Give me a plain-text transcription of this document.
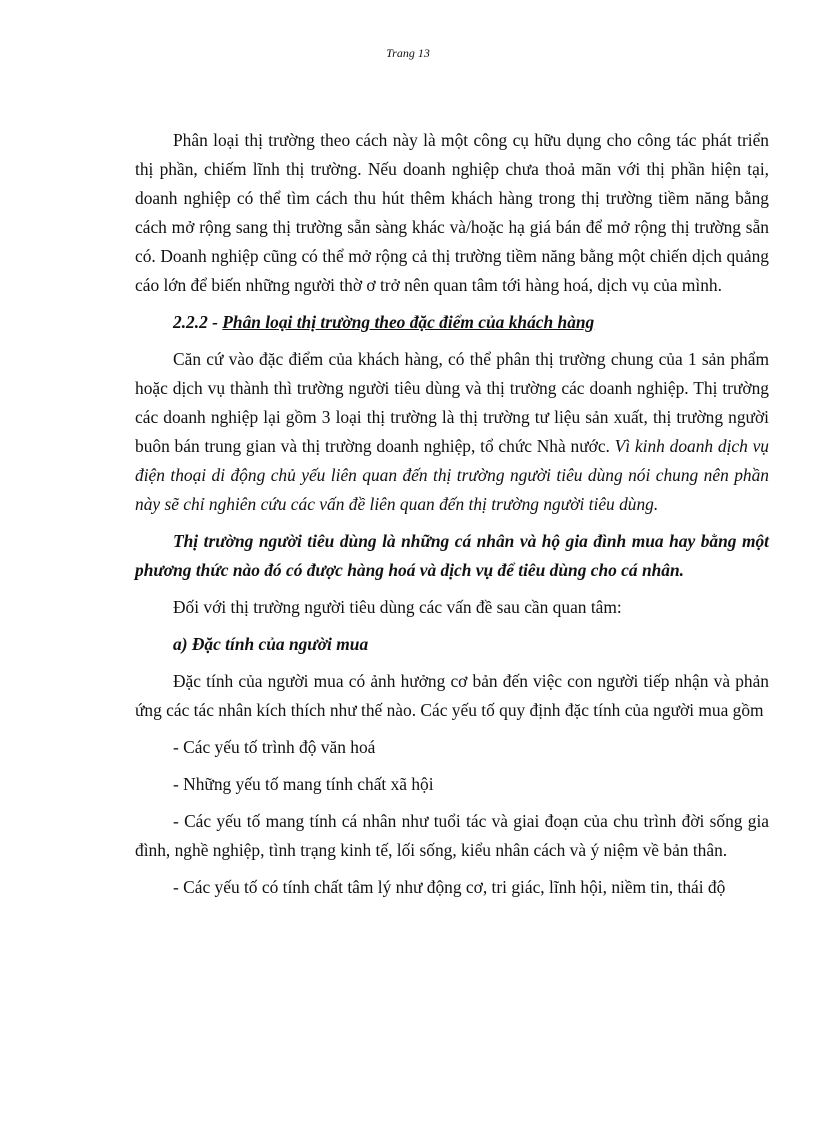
Trang 13

Phân loại thị trường theo cách này là một công cụ hữu dụng cho công tác phát triển thị phần, chiếm lĩnh thị trường. Nếu doanh nghiệp chưa thoả mãn với thị phần hiện tại, doanh nghiệp có thể tìm cách thu hút thêm khách hàng trong thị trường tiềm năng bằng cách mở rộng sang thị trường sẵn sàng khác và/hoặc hạ giá bán để mở rộng thị trường sẵn có. Doanh nghiệp cũng có thể mở rộng cả thị trường tiềm năng bằng một chiến dịch quảng cáo lớn để biến những người thờ ơ trở nên quan tâm tới hàng hoá, dịch vụ của mình.

2.2.2 - Phân loại thị trường theo đặc điểm của khách hàng

Căn cứ vào đặc điểm của khách hàng, có thể phân thị trường chung của 1 sản phẩm hoặc dịch vụ thành thì trường người tiêu dùng và thị trường các doanh nghiệp. Thị trường các doanh nghiệp lại gồm 3 loại thị trường là thị trường tư liệu sản xuất, thị trường người buôn bán trung gian và thị trường doanh nghiệp, tổ chức Nhà nước. Vì kinh doanh dịch vụ điện thoại di động chủ yếu liên quan đến thị trường người tiêu dùng nói chung nên phần này sẽ chỉ nghiên cứu các vấn đề liên quan đến thị trường người tiêu dùng.

Thị trường người tiêu dùng là những cá nhân và hộ gia đình mua hay bằng một phương thức nào đó có được hàng hoá và dịch vụ để tiêu dùng cho cá nhân.

Đối với thị trường người tiêu dùng các vấn đề sau cần quan tâm:

a) Đặc tính của người mua

Đặc tính của người mua có ảnh hưởng cơ bản đến việc con người tiếp nhận và phản ứng các tác nhân kích thích như thế nào. Các yếu tố quy định đặc tính của người mua gồm

- Các yếu tố trình độ văn hoá

- Những yếu tố mang tính chất xã hội

- Các yếu tố mang tính cá nhân như tuổi tác và giai đoạn của chu trình đời sống gia đình, nghề nghiệp, tình trạng kinh tế, lối sống, kiểu nhân cách và ý niệm về bản thân.

- Các yếu tố có tính chất tâm lý như động cơ, tri giác, lĩnh hội, niềm tin, thái độ
